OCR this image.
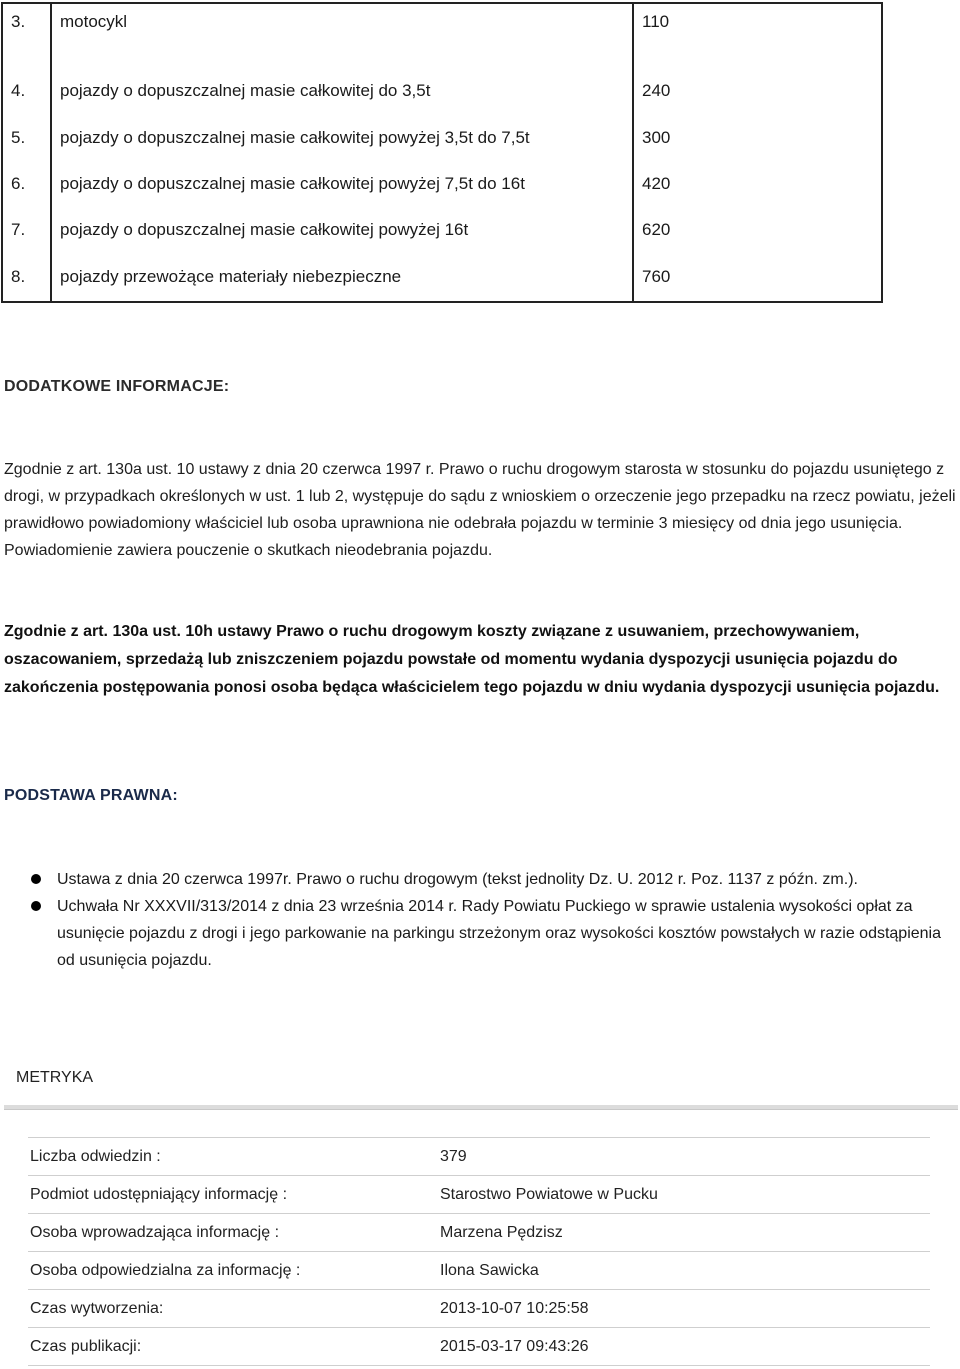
3.	motocykl	110

4.	pojazdy o dopuszczalnej masie całkowitej do 3,5t	240
5.	pojazdy o dopuszczalnej masie całkowitej powyżej 3,5t do 7,5t	300
6.	pojazdy o dopuszczalnej masie całkowitej powyżej 7,5t do 16t	420
7.	pojazdy o dopuszczalnej masie całkowitej powyżej 16t	620
8.	pojazdy przewożące materiały niebezpieczne	760
DODATKOWE INFORMACJE:
Zgodnie z art. 130a ust. 10 ustawy z dnia 20 czerwca 1997 r. Prawo o ruchu drogowym starosta w stosunku do pojazdu usuniętego z drogi, w przypadkach określonych w ust. 1 lub 2, występuje do sądu z wnioskiem o orzeczenie jego przepadku na rzecz powiatu, jeżeli prawidłowo powiadomiony właściciel lub osoba uprawniona nie odebrała pojazdu w terminie 3 miesięcy od dnia jego usunięcia. Powiadomienie zawiera pouczenie o skutkach nieodebrania pojazdu.
Zgodnie z art. 130a ust. 10h ustawy Prawo o ruchu drogowym koszty związane z usuwaniem, przechowywaniem, oszacowaniem, sprzedażą lub zniszczeniem pojazdu powstałe od momentu wydania dyspozycji usunięcia pojazdu do zakończenia postępowania ponosi osoba będąca właścicielem tego pojazdu w dniu wydania dyspozycji usunięcia pojazdu.
PODSTAWA PRAWNA:
Ustawa z dnia 20 czerwca 1997r. Prawo o ruchu drogowym (tekst jednolity Dz. U. 2012 r. Poz. 1137 z późn. zm.).
Uchwała Nr XXXVII/313/2014 z dnia 23 września 2014 r. Rady Powiatu Puckiego w sprawie ustalenia wysokości opłat za usunięcie pojazdu z drogi i jego parkowanie na parkingu strzeżonym oraz wysokości kosztów powstałych w razie odstąpienia od usunięcia pojazdu.
METRYKA
Liczba odwiedzin :	379
Podmiot udostępniający informację :	Starostwo Powiatowe w Pucku
Osoba wprowadzająca informację :	Marzena Pędzisz
Osoba odpowiedzialna za informację :	Ilona Sawicka
Czas wytworzenia:	2013-10-07 10:25:58
Czas publikacji:	2015-03-17 09:43:26
